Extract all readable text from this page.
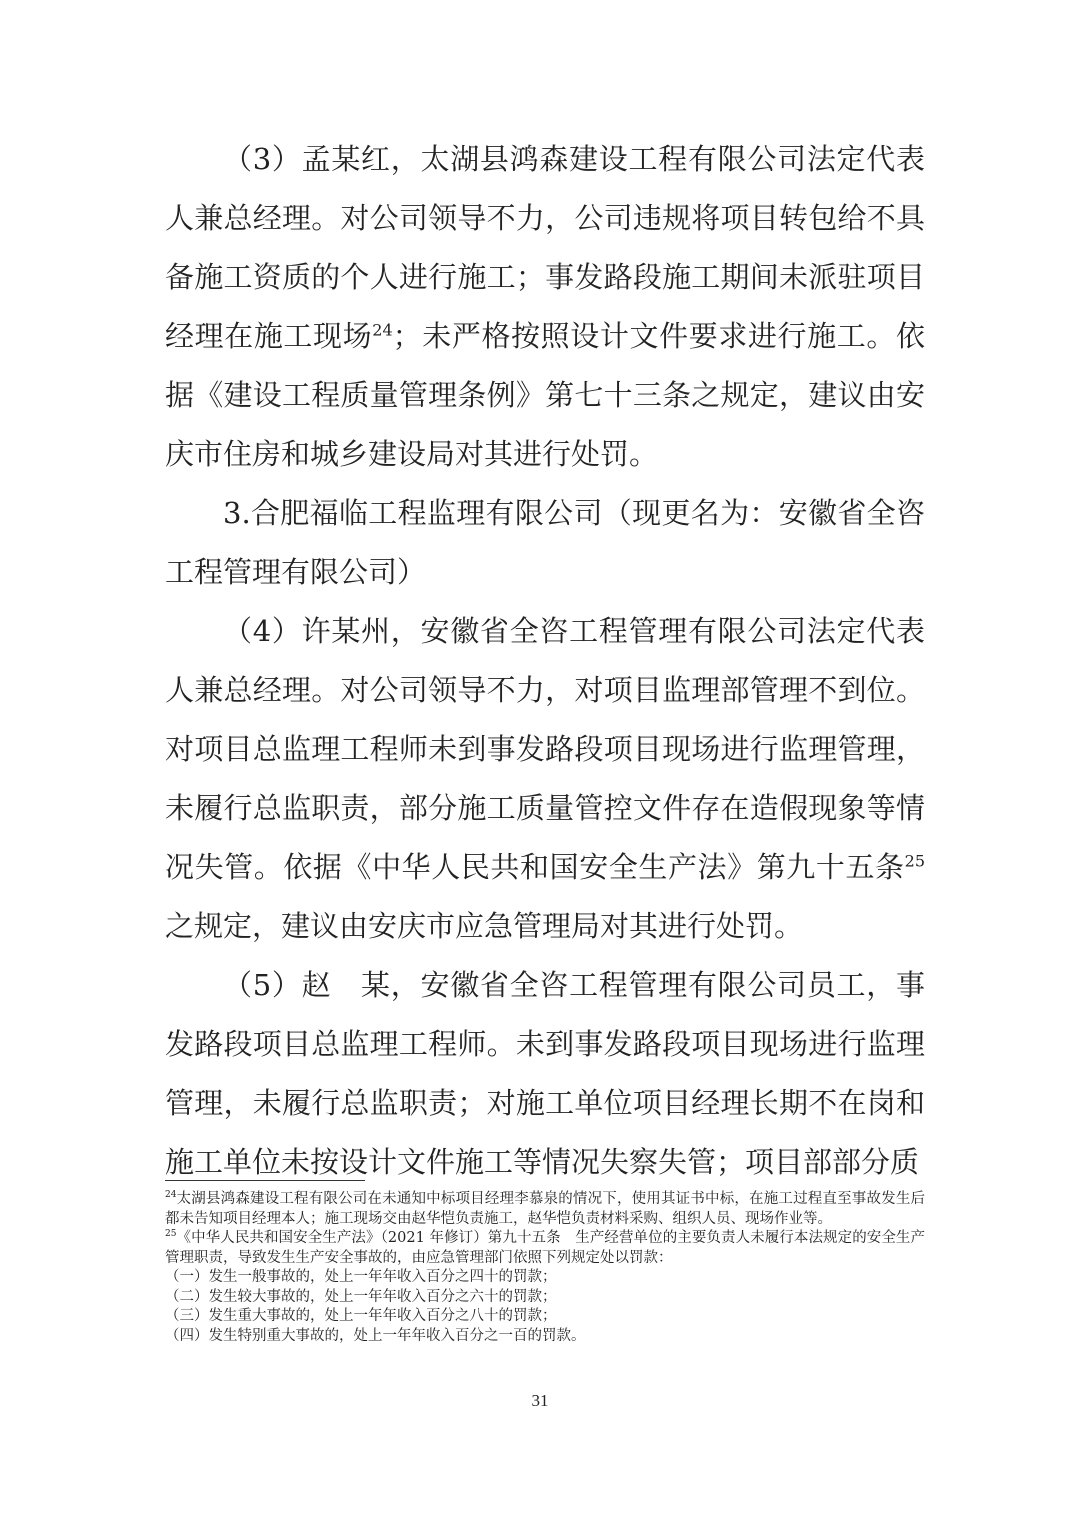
（3）孟某红，太湖县鸿森建设工程有限公司法定代表人兼总经理。对公司领导不力，公司违规将项目转包给不具备施工资质的个人进行施工；事发路段施工期间未派驻项目经理在施工现场$^{24}$；未严格按照设计文件要求进行施工。依据《建设工程质量管理条例》第七十三条之规定，建议由安庆市住房和城乡建设局对其进行处罚。

3.合肥福临工程监理有限公司（现更名为：安徽省全咨工程管理有限公司）

（4）许某州，安徽省全咨工程管理有限公司法定代表人兼总经理。对公司领导不力，对项目监理部管理不到位。对项目总监理工程师未到事发路段项目现场进行监理管理，未履行总监职责，部分施工质量管控文件存在造假现象等情况失管。依据《中华人民共和国安全生产法》第九十五条$^{25}$之规定，建议由安庆市应急管理局对其进行处罚。

（5）赵　某，安徽省全咨工程管理有限公司员工，事发路段项目总监理工程师。未到事发路段项目现场进行监理管理，未履行总监职责；对施工单位项目经理长期不在岗和施工单位未按设计文件施工等情况失察失管；项目部部分质

$^{24}$太湖县鸿森建设工程有限公司在未通知中标项目经理李慕泉的情况下，使用其证书中标，在施工过程直至事故发生后都未告知项目经理本人；施工现场交由赵华恺负责施工，赵华恺负责材料采购、组织人员、现场作业等。

$^{25}$《中华人民共和国安全生产法》（2021 年修订）第九十五条　生产经营单位的主要负责人未履行本法规定的安全生产管理职责，导致发生生产安全事故的，由应急管理部门依照下列规定处以罚款：

（一）发生一般事故的，处上一年年收入百分之四十的罚款；
（二）发生较大事故的，处上一年年收入百分之六十的罚款；
（三）发生重大事故的，处上一年年收入百分之八十的罚款；
（四）发生特别重大事故的，处上一年年收入百分之一百的罚款。
31
